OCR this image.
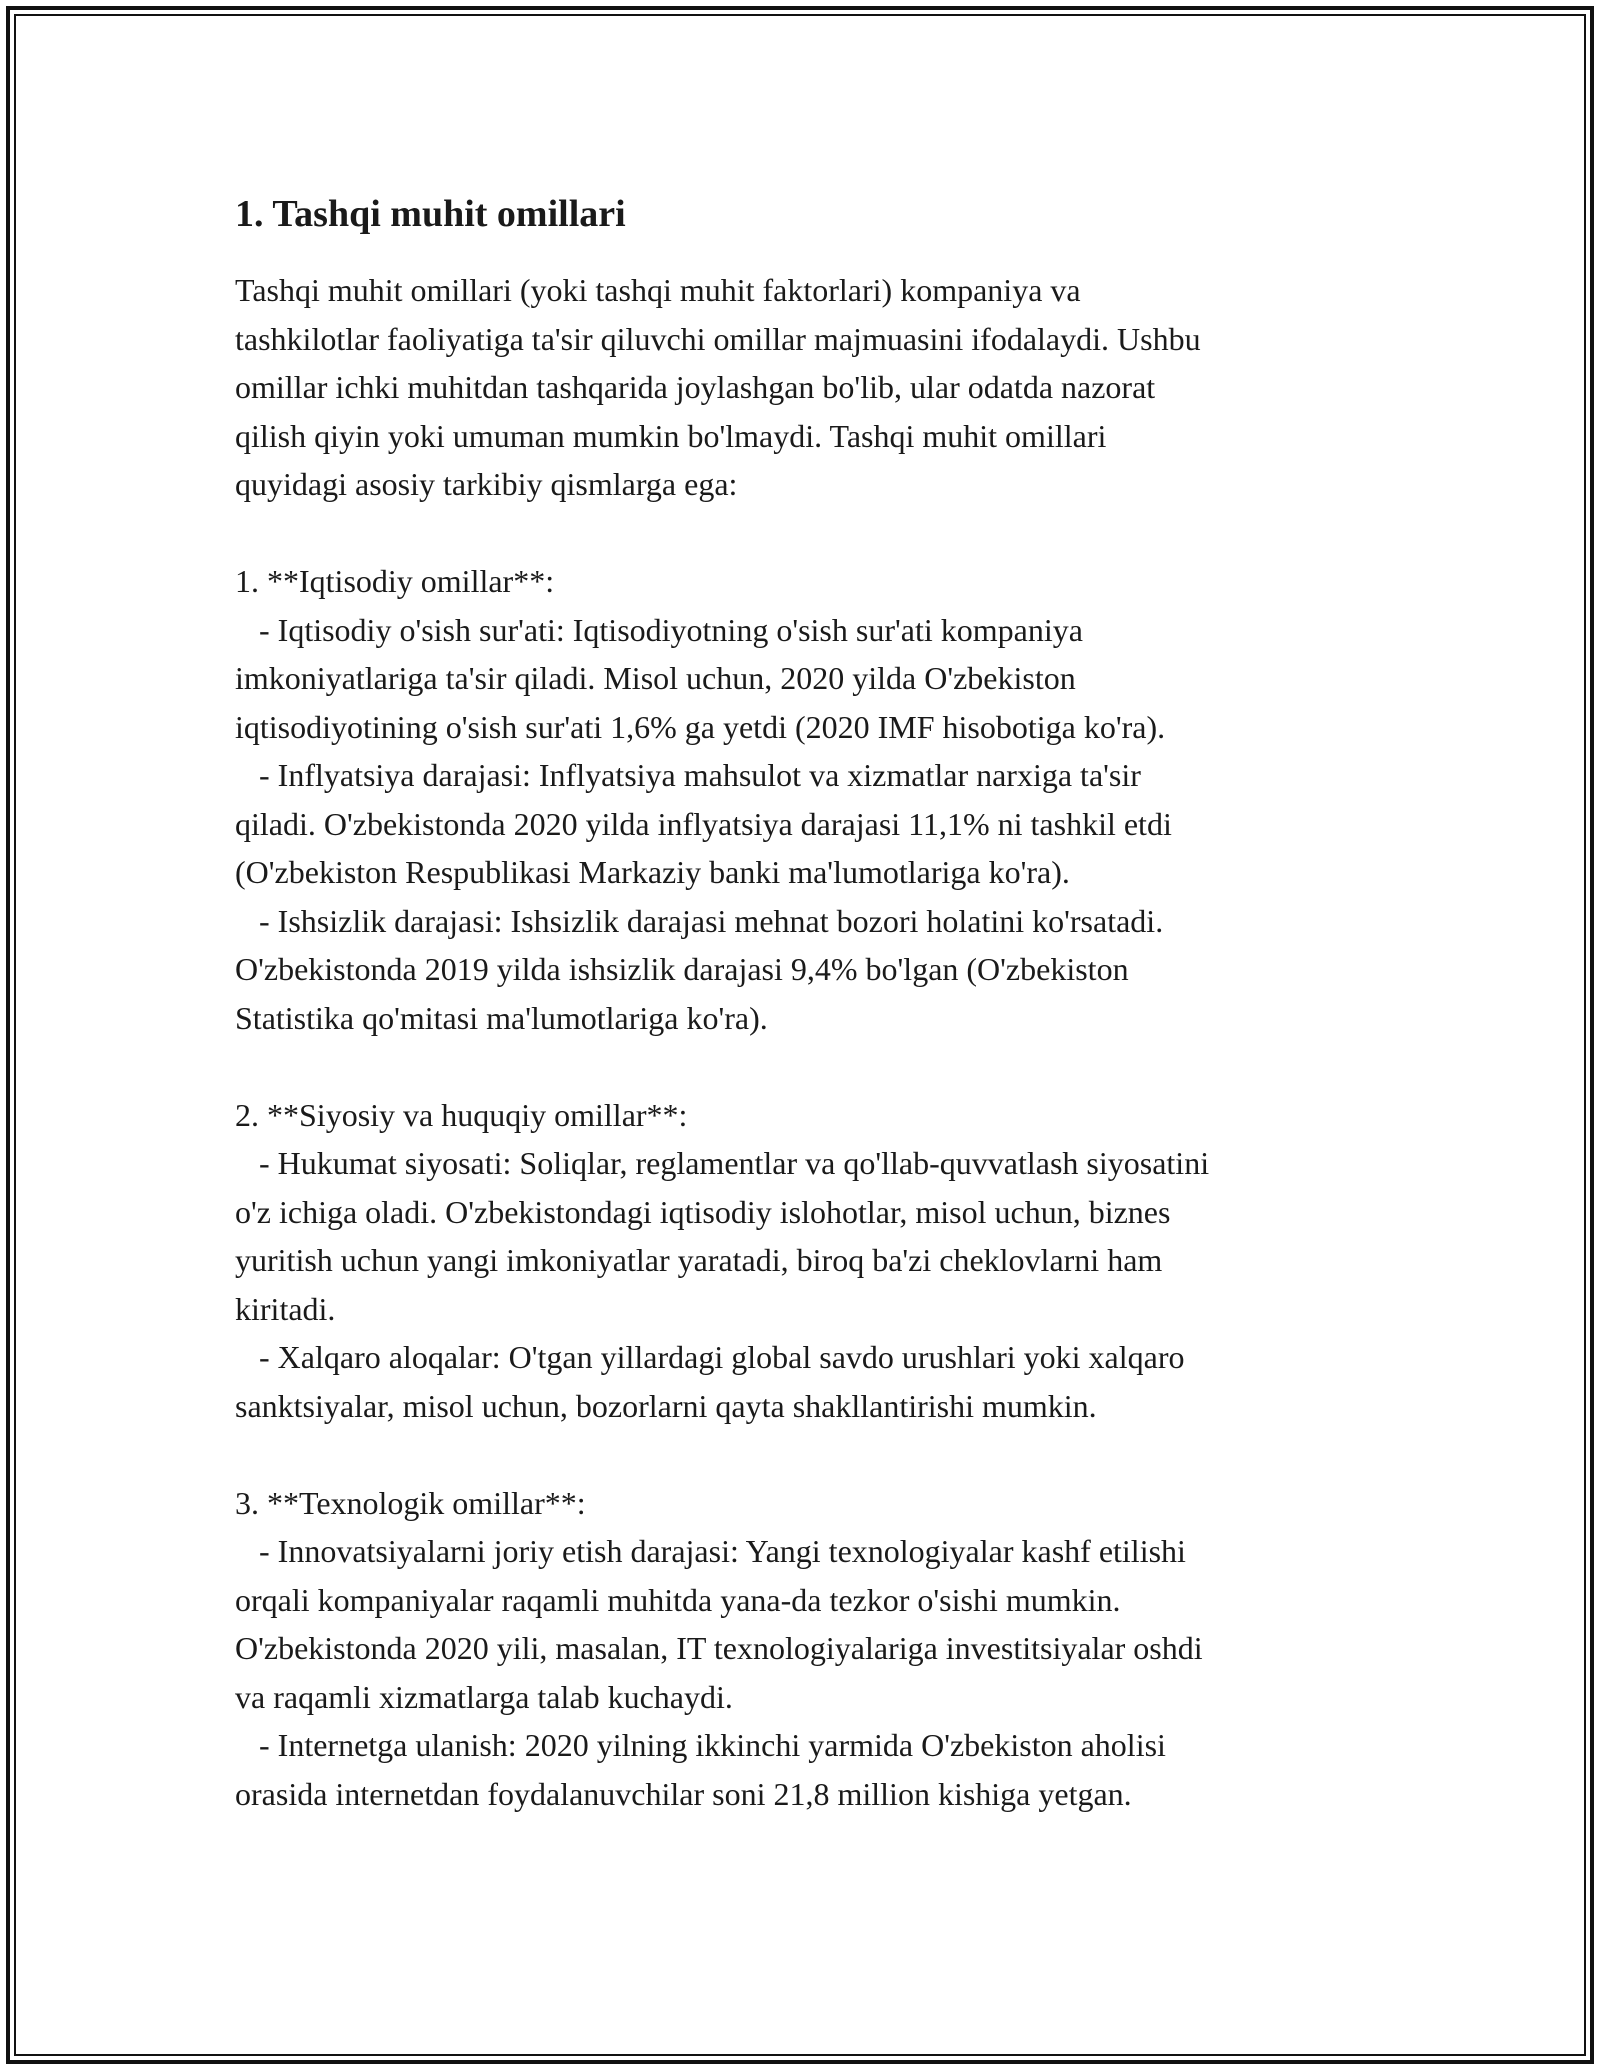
1. Tashqi muhit omillari

Tashqi muhit omillari (yoki tashqi muhit faktorlari) kompaniya va
tashkilotlar faoliyatiga ta'sir qiluvchi omillar majmuasini ifodalaydi. Ushbu
omillar ichki muhitdan tashqarida joylashgan bo'lib, ular odatda nazorat
qilish qiyin yoki umuman mumkin bo'lmaydi. Tashqi muhit omillari
quyidagi asosiy tarkibiy qismlarga ega:

1. **Iqtisodiy omillar**:

- Iqtisodiy o'sish sur'ati: Iqtisodiyotning o'sish sur'ati kompaniya
imkoniyatlariga ta'sir qiladi. Misol uchun, 2020 yilda O'zbekiston
iqtisodiyotining o'sish sur'ati 1,6% ga yetdi (2020 IMF hisobotiga ko'ra).

- Inflyatsiya darajasi: Inflyatsiya mahsulot va xizmatlar narxiga ta'sir
qiladi. O'zbekistonda 2020 yilda inflyatsiya darajasi 11,1% ni tashkil etdi
(O'zbekiston Respublikasi Markaziy banki ma'lumotlariga ko'ra).

- Ishsizlik darajasi: Ishsizlik darajasi mehnat bozori holatini ko'rsatadi.
O'zbekistonda 2019 yilda ishsizlik darajasi 9,4% bo'lgan (O'zbekiston
Statistika qo'mitasi ma'lumotlariga ko'ra).

2. **Siyosiy va huquqiy omillar**:

- Hukumat siyosati: Soliqlar, reglamentlar va qo'llab-quvvatlash siyosatini
o'z ichiga oladi. O'zbekistondagi iqtisodiy islohotlar, misol uchun, biznes
yuritish uchun yangi imkoniyatlar yaratadi, biroq ba'zi cheklovlarni ham
kiritadi.

- Xalqaro aloqalar: O'tgan yillardagi global savdo urushlari yoki xalqaro
sanktsiyalar, misol uchun, bozorlarni qayta shakllantirishi mumkin.

3. **Texnologik omillar**:

- Innovatsiyalarni joriy etish darajasi: Yangi texnologiyalar kashf etilishi
orqali kompaniyalar raqamli muhitda yana-da tezkor o'sishi mumkin.
O'zbekistonda 2020 yili, masalan, IT texnologiyalariga investitsiyalar oshdi
va raqamli xizmatlarga talab kuchaydi.

- Internetga ulanish: 2020 yilning ikkinchi yarmida O'zbekiston aholisi
orasida internetdan foydalanuvchilar soni 21,8 million kishiga yetgan.
